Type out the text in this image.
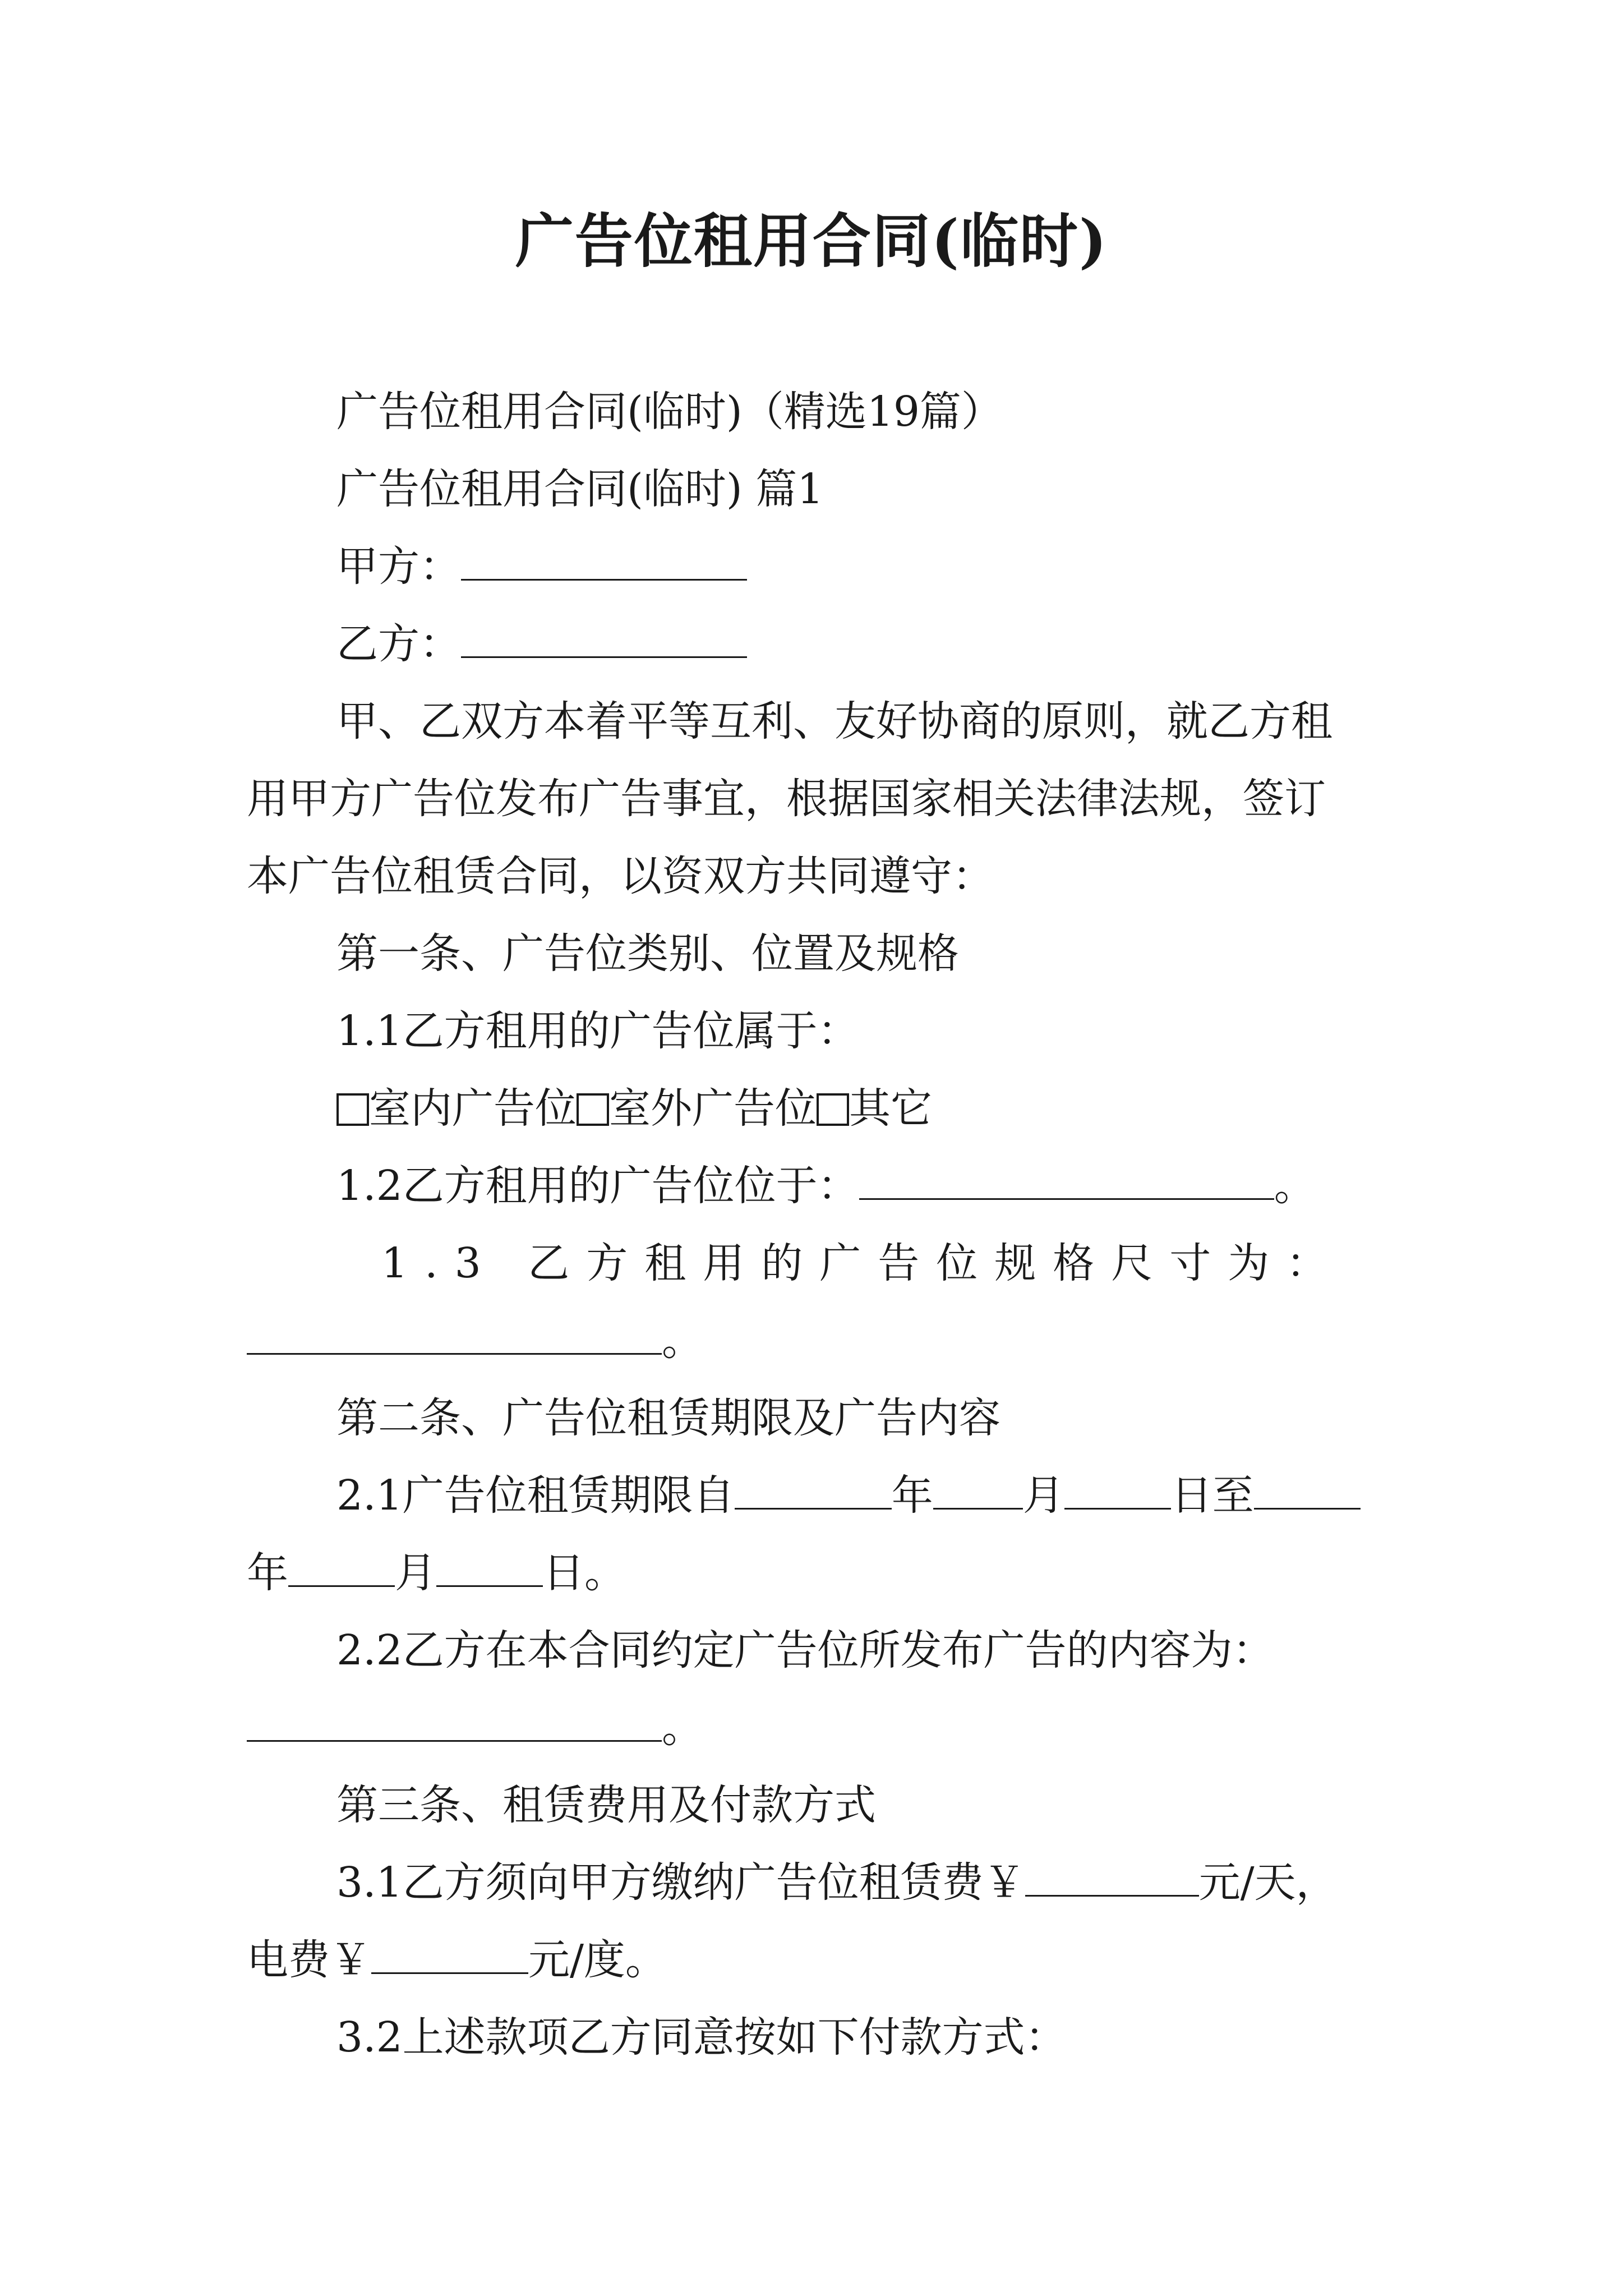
广告位租用合同(临时)
广告位租用合同(临时)（精选19篇）
广告位租用合同(临时) 篇1
甲方：
乙方：
甲、乙双方本着平等互利、友好协商的原则，就乙方租
用甲方广告位发布广告事宜，根据国家相关法律法规，签订
本广告位租赁合同，以资双方共同遵守：
第一条、广告位类别、位置及规格
1.1乙方租用的广告位属于：
室内广告位 室外广告位 其它
1.2乙方租用的广告位位于：	。
1.3 乙方租用的广告位规格尺寸为：
。
第二条、广告位租赁期限及广告内容
2.1广告位租赁期限自	年 月	日至
年	月	日。
2.2乙方在本合同约定广告位所发布广告的内容为：
。
第三条、租赁费用及付款方式
3.1乙方须向甲方缴纳广告位租赁费￥	元/天，
电费￥	元/度。
3.2上述款项乙方同意按如下付款方式：
